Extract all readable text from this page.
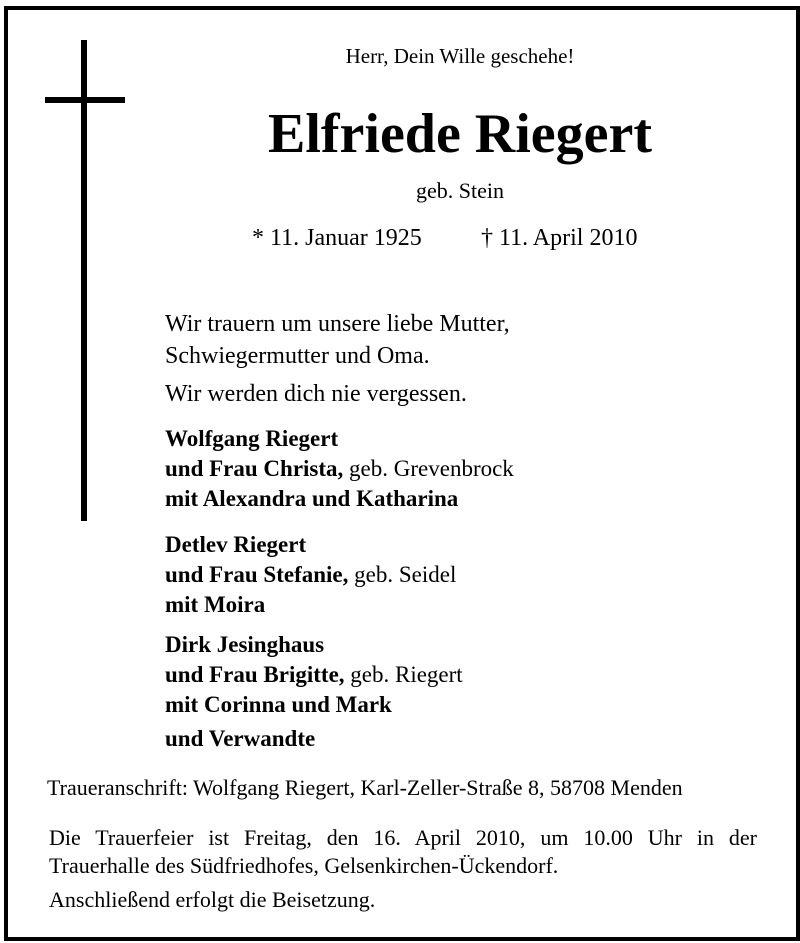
Herr, Dein Wille geschehe!
Elfriede Riegert
geb. Stein
* 11. Januar 1925 † 11. April 2010
Wir trauern um unsere liebe Mutter,
Schwiegermutter und Oma.
Wir werden dich nie vergessen.
Wolfgang Riegert
und Frau Christa, geb. Grevenbrock
mit Alexandra und Katharina
Detlev Riegert
und Frau Stefanie, geb. Seidel
mit Moira
Dirk Jesinghaus
und Frau Brigitte, geb. Riegert
mit Corinna und Mark
und Verwandte
Traueranschrift: Wolfgang Riegert, Karl-Zeller-Straße 8, 58708 Menden
Die Trauerfeier ist Freitag, den 16. April 2010, um 10.00 Uhr in der
Trauerhalle des Südfriedhofes, Gelsenkirchen-Ückendorf.
Anschließend erfolgt die Beisetzung.
